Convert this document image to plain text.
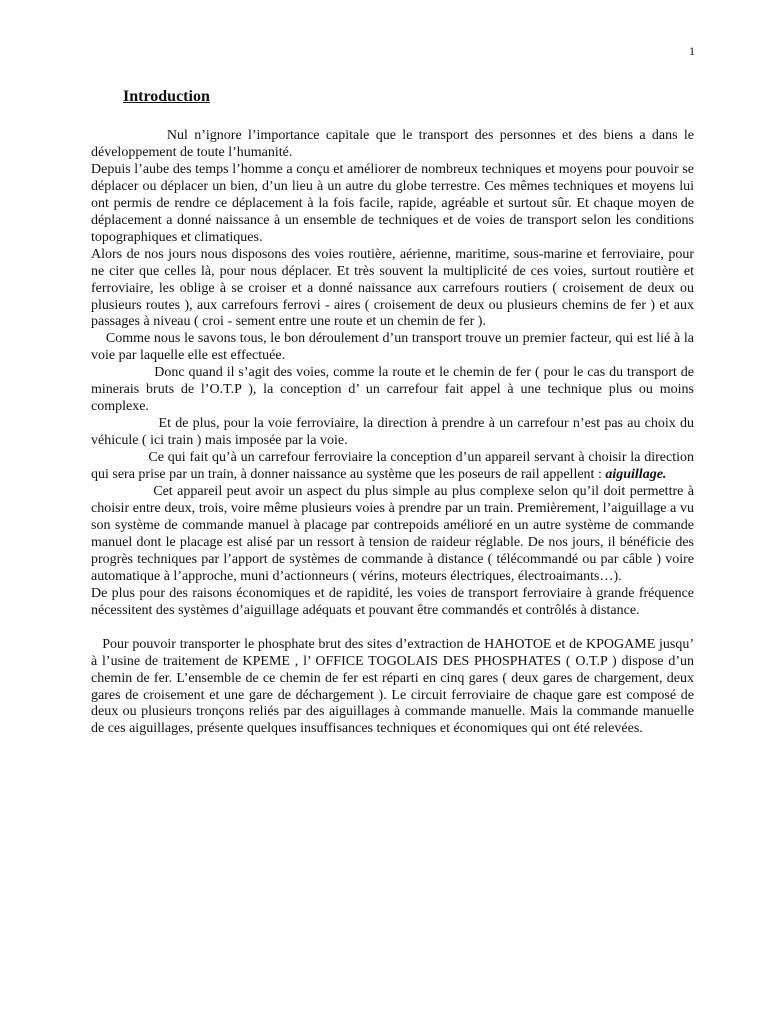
1
Introduction

Nul n’ignore l’importance capitale que le transport des personnes et des biens a dans le développement de toute l’humanité.

Depuis l’aube des temps l’homme a conçu et améliorer de nombreux techniques et moyens pour pouvoir se déplacer ou déplacer un bien, d’un lieu à un autre du globe terrestre. Ces mêmes techniques et moyens lui ont permis de rendre ce déplacement à la fois facile, rapide, agréable et surtout sûr. Et chaque moyen de déplacement a donné naissance à un ensemble de techniques et de voies de transport selon les conditions topographiques et climatiques.

Alors de nos jours nous disposons des voies routière, aérienne, maritime, sous-marine et ferroviaire, pour ne citer que celles là, pour nous déplacer. Et très souvent la multiplicité de ces voies, surtout routière et ferroviaire, les oblige à se croiser et a donné naissance aux carrefours routiers ( croisement de deux ou plusieurs routes ), aux carrefours ferrovi - aires ( croisement de deux ou plusieurs chemins de fer ) et aux passages à niveau ( croi - sement entre une route et un chemin de fer ).

Comme nous le savons tous, le bon déroulement d’un transport trouve un premier facteur, qui est lié à la voie par laquelle elle est effectuée.

Donc quand il s’agit des voies, comme la route et le chemin de fer ( pour le cas du transport de minerais bruts de l’O.T.P ), la conception d’ un carrefour fait appel à une technique plus ou moins complexe.

Et de plus, pour la voie ferroviaire, la direction à prendre à un carrefour n’est pas au choix du véhicule ( ici train ) mais imposée par la voie.

Ce qui fait qu’à un carrefour ferroviaire la conception d’un appareil servant à choisir la direction qui sera prise par un train, à donner naissance au système que les poseurs de rail appellent : aiguillage.

Cet appareil peut avoir un aspect du plus simple au plus complexe selon qu’il doit permettre à choisir entre deux, trois, voire même plusieurs voies à prendre par un train. Premièrement, l’aiguillage a vu son système de commande manuel à placage par contrepoids amélioré en un autre système de commande manuel dont le placage est alisé par un ressort à tension de raideur réglable. De nos jours, il bénéficie des progrès techniques par l’apport de systèmes de commande à distance ( télécommandé ou par câble ) voire automatique à l’approche, muni d’actionneurs ( vérins, moteurs électriques, électroaimants…).

De plus pour des raisons économiques et de rapidité, les voies de transport ferroviaire à grande fréquence nécessitent des systèmes d’aiguillage adéquats et pouvant être commandés et contrôlés à distance.

Pour pouvoir transporter le phosphate brut des sites d’extraction de HAHOTOE et de KPOGAME jusqu’ à l’usine de traitement de KPEME , l’ OFFICE TOGOLAIS DES PHOSPHATES ( O.T.P ) dispose d’un chemin de fer. L’ensemble de ce chemin de fer est réparti en cinq gares ( deux gares de chargement, deux gares de croisement et une gare de déchargement ). Le circuit ferroviaire de chaque gare est composé de deux ou plusieurs tronçons reliés par des aiguillages à commande manuelle. Mais la commande manuelle de ces aiguillages, présente quelques insuffisances techniques et économiques qui ont été relevées.
